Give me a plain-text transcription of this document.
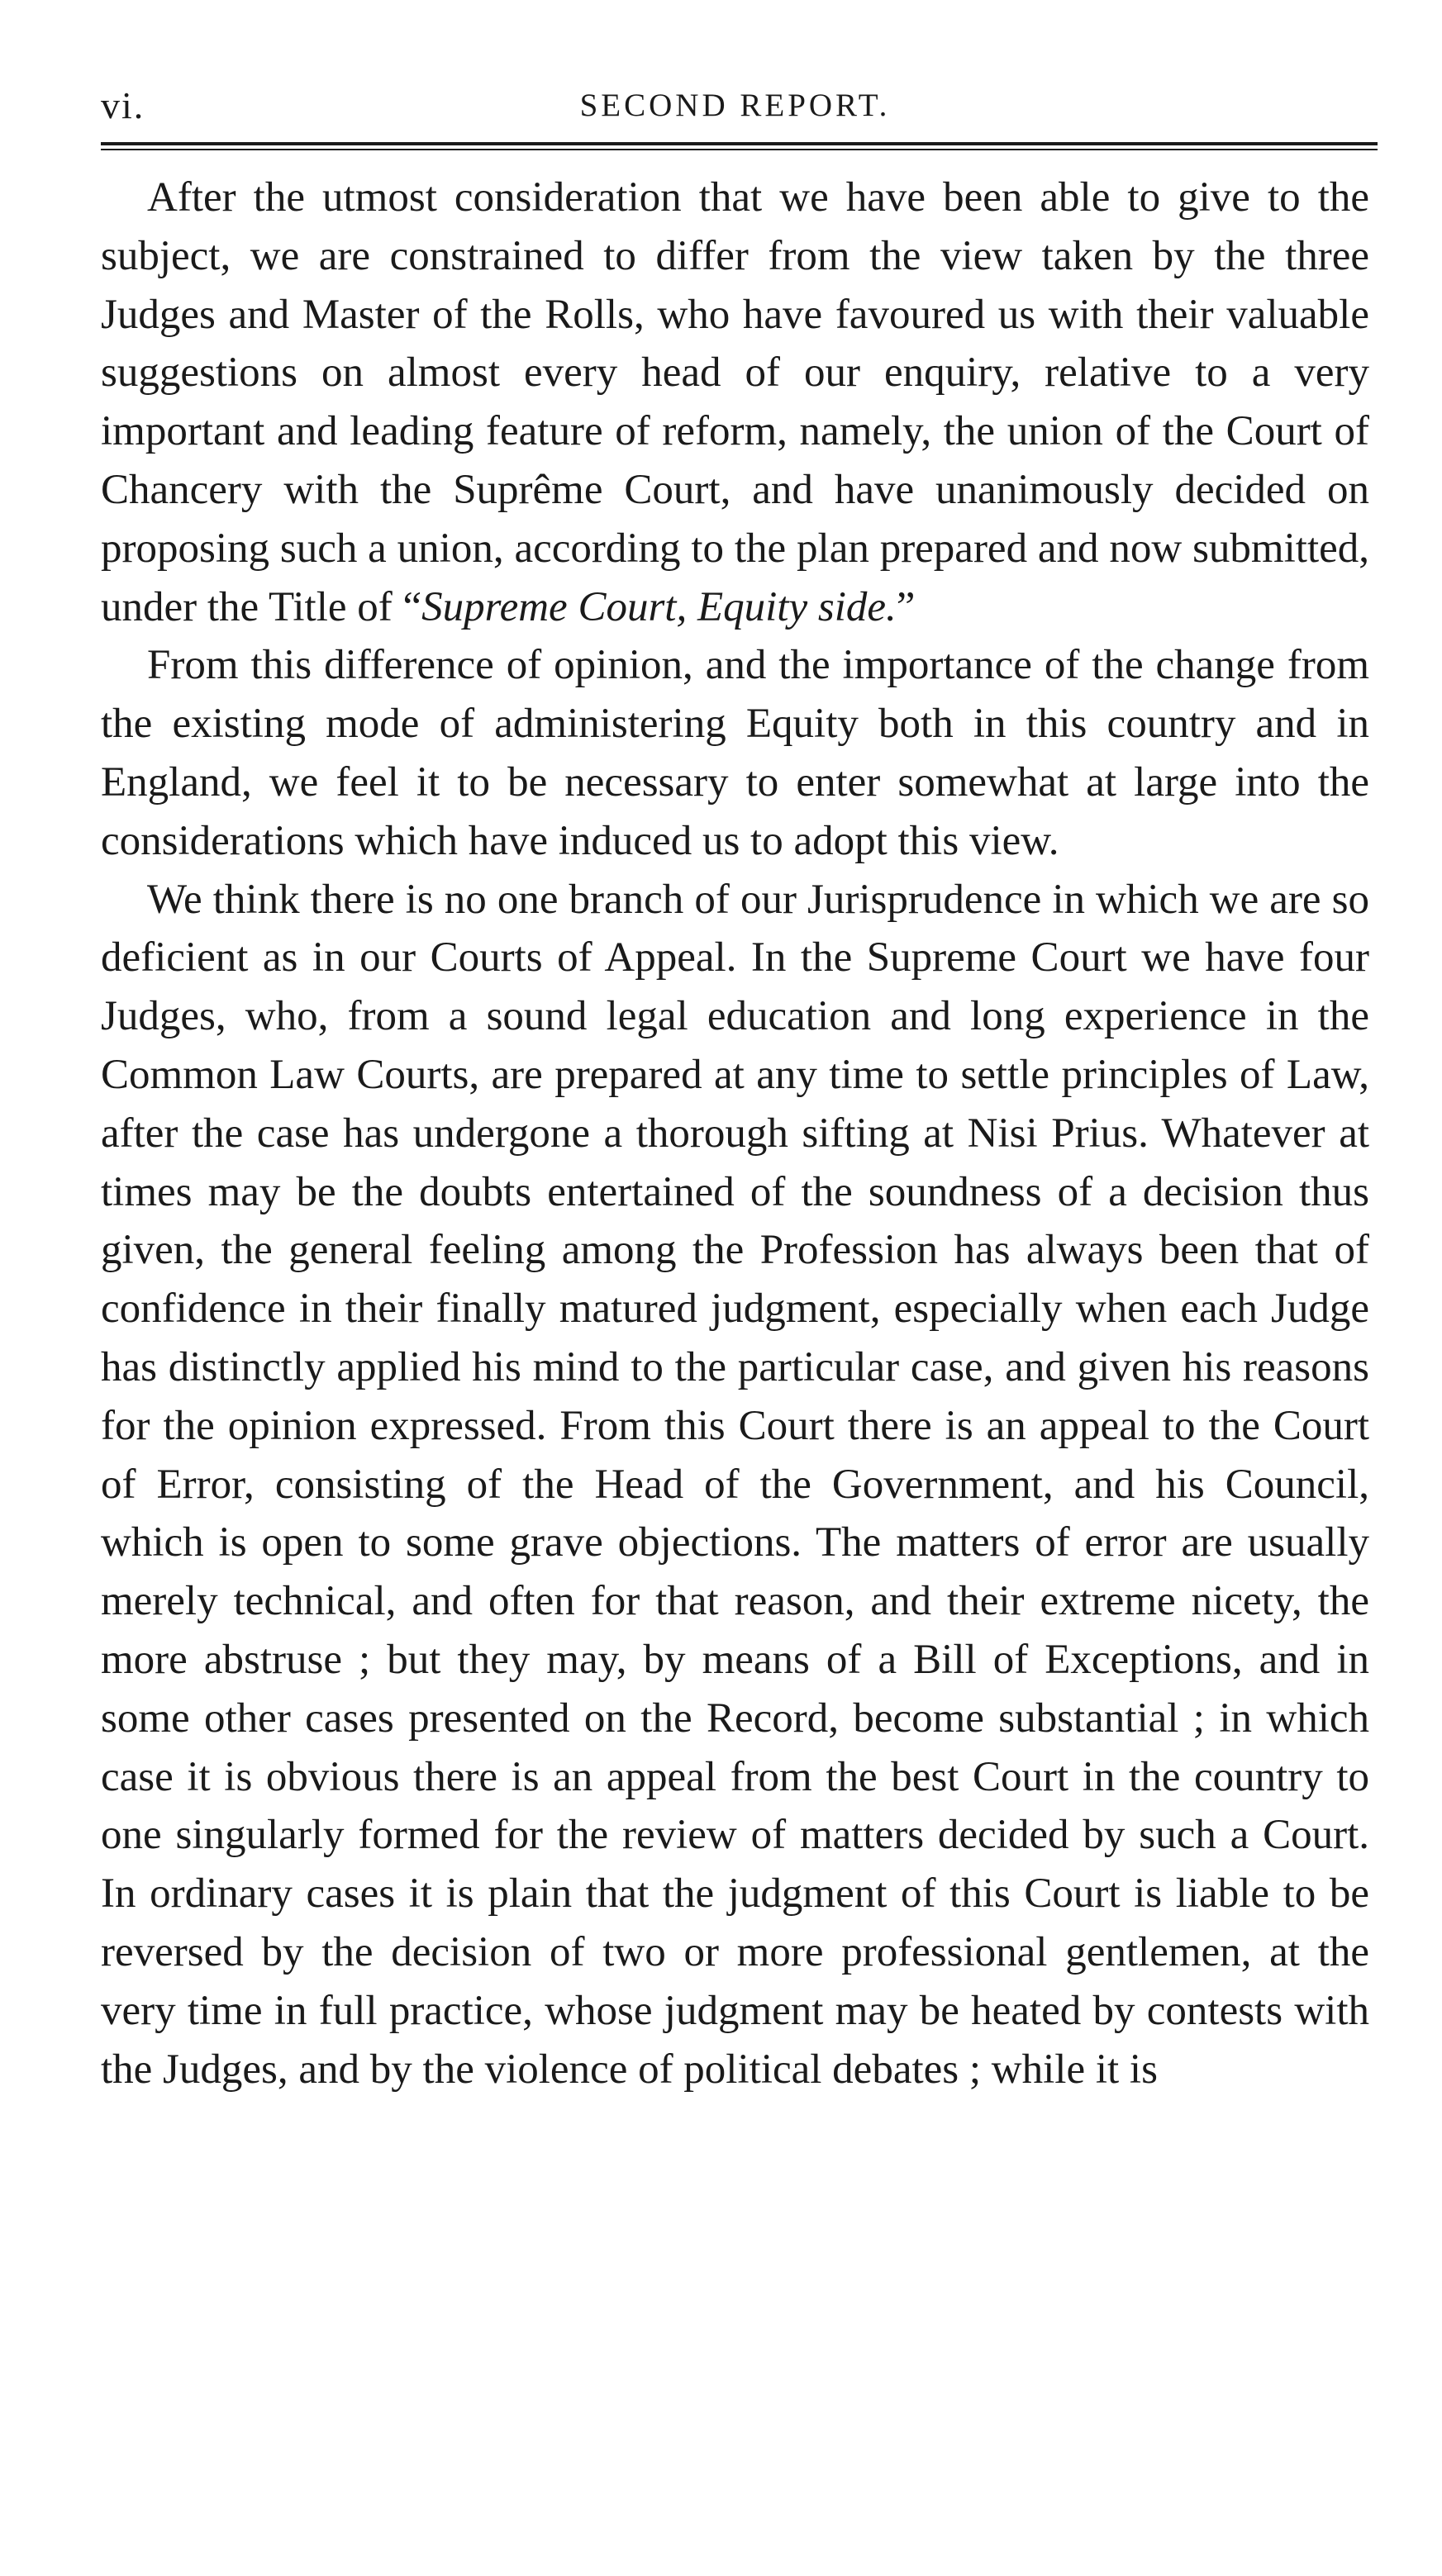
vi.	SECOND REPORT.

After the utmost consideration that we have been able to give to the subject, we are constrained to differ from the view taken by the three Judges and Master of the Rolls, who have favoured us with their valuable suggestions on almost every head of our enquiry, relative to a very important and leading feature of reform, namely, the union of the Court of Chancery with the Suprême Court, and have unanimously decided on proposing such a union, according to the plan prepared and now submitted, under the Title of “Supreme Court, Equity side.”

From this difference of opinion, and the importance of the change from the existing mode of administering Equity both in this country and in England, we feel it to be necessary to enter somewhat at large into the considerations which have induced us to adopt this view.

We think there is no one branch of our Jurisprudence in which we are so deficient as in our Courts of Appeal. In the Supreme Court we have four Judges, who, from a sound legal education and long experience in the Common Law Courts, are prepared at any time to settle principles of Law, after the case has undergone a thorough sifting at Nisi Prius. Whatever at times may be the doubts entertained of the soundness of a decision thus given, the general feeling among the Profession has always been that of confidence in their finally matured judgment, especially when each Judge has distinctly applied his mind to the particular case, and given his reasons for the opinion expressed. From this Court there is an appeal to the Court of Error, consisting of the Head of the Government, and his Council, which is open to some grave objections. The matters of error are usually merely technical, and often for that reason, and their extreme nicety, the more abstruse ; but they may, by means of a Bill of Exceptions, and in some other cases presented on the Record, become substantial ; in which case it is obvious there is an appeal from the best Court in the country to one singularly formed for the review of matters decided by such a Court. In ordinary cases it is plain that the judgment of this Court is liable to be reversed by the decision of two or more professional gentlemen, at the very time in full practice, whose judgment may be heated by contests with the Judges, and by the violence of political debates ; while it is
